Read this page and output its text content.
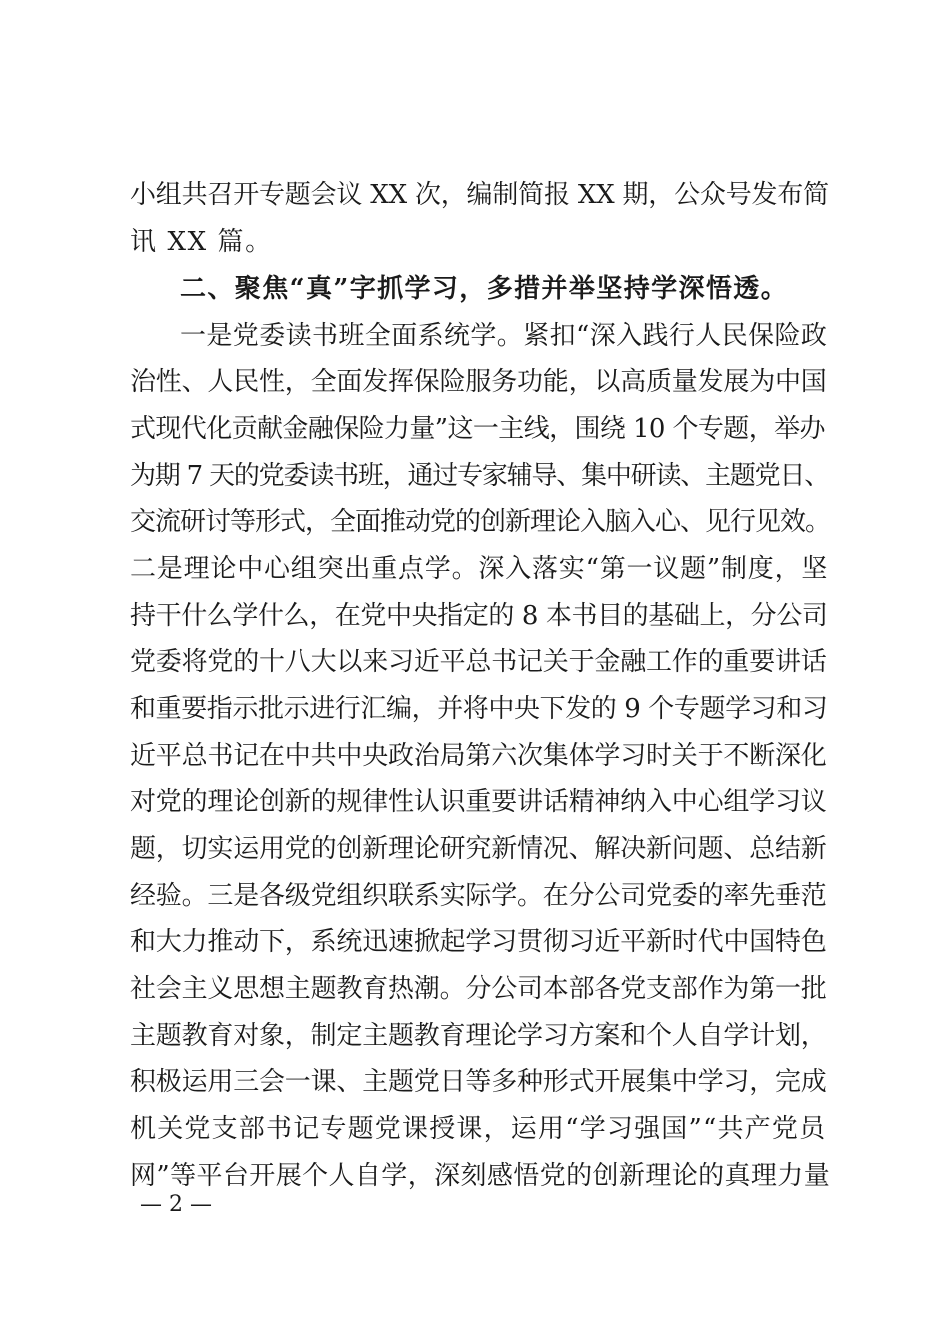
小组共召开专题会议 XX 次，编制简报 XX 期，公众号发布简
讯 XX 篇。
二、聚焦“真”字抓学习，多措并举坚持学深悟透。
一是党委读书班全面系统学。紧扣“深入践行人民保险政
治性、人民性，全面发挥保险服务功能，以高质量发展为中国
式现代化贡献金融保险力量”这一主线，围绕 10 个专题，举办
为期 7 天的党委读书班，通过专家辅导、集中研读、主题党日、
交流研讨等形式，全面推动党的创新理论入脑入心、见行见效。
二是理论中心组突出重点学。深入落实“第一议题”制度，坚
持干什么学什么，在党中央指定的 8 本书目的基础上，分公司
党委将党的十八大以来习近平总书记关于金融工作的重要讲话
和重要指示批示进行汇编，并将中央下发的 9 个专题学习和习
近平总书记在中共中央政治局第六次集体学习时关于不断深化
对党的理论创新的规律性认识重要讲话精神纳入中心组学习议
题，切实运用党的创新理论研究新情况、解决新问题、总结新
经验。三是各级党组织联系实际学。在分公司党委的率先垂范
和大力推动下，系统迅速掀起学习贯彻习近平新时代中国特色
社会主义思想主题教育热潮。分公司本部各党支部作为第一批
主题教育对象，制定主题教育理论学习方案和个人自学计划，
积极运用三会一课、主题党日等多种形式开展集中学习，完成
机关党支部书记专题党课授课，运用“学习强国”“共产党员
网”等平台开展个人自学，深刻感悟党的创新理论的真理力量
— 2 —
